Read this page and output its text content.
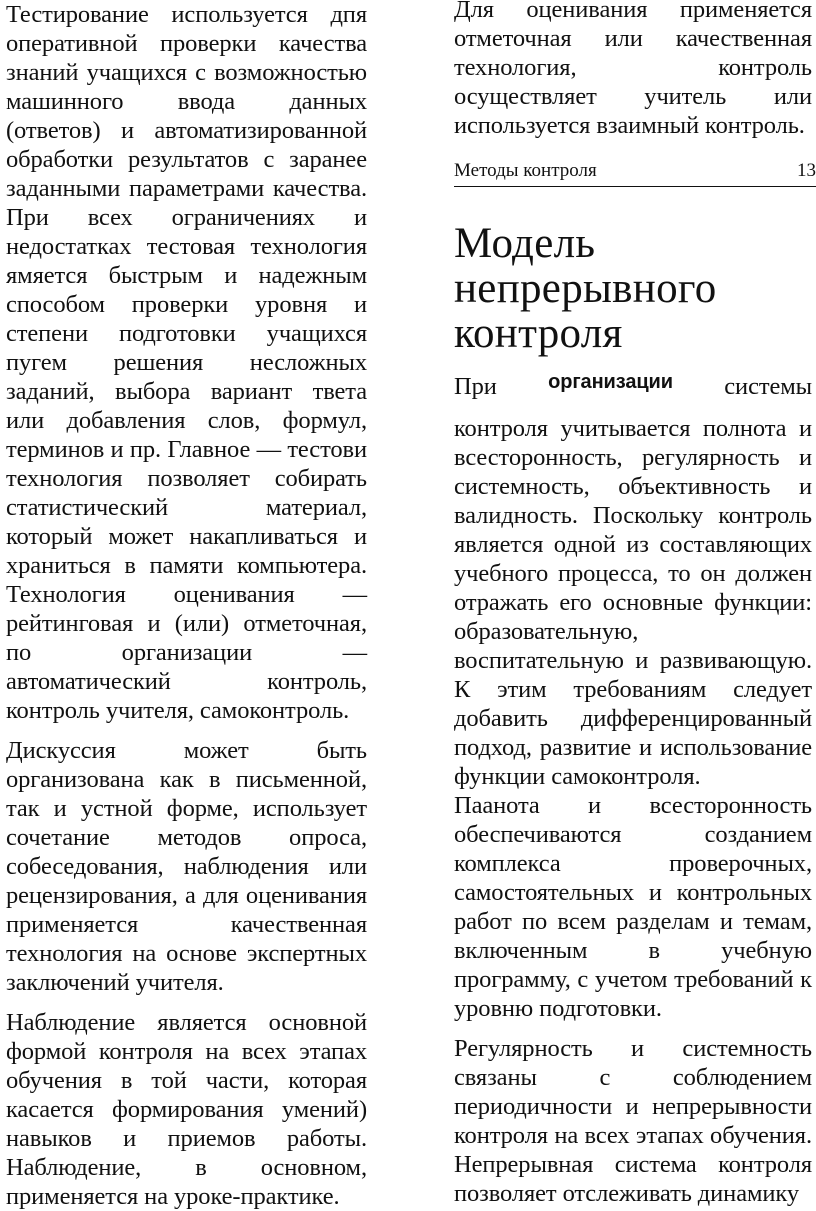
Тестирование используется дпя оперативной проверки качества знаний учащихся с возможностью машинного ввода данных (ответов) и автоматизированной обработки результатов с заранее заданными параметрами качества. При всех ограничениях и недостатках тестовая технология ямяется быстрым и надежным способом проверки уровня и степени подготовки учащихся пугем решения несложных заданий, выбора вариант твета или добавления слов, формул, терминов и пр. Главное — тестови технология позволяет собирать статистический материал, который может накапливаться и храниться в памяти компьютера. Технология оценивания — рейтинговая и (или) отметочная, по организации — автоматический контроль, контроль учителя, самоконтроль.

Дискуссия может быть организована как в письменной, так и устной форме, использует сочетание методов опроса, собеседования, наблюдения или рецензирования, а для оценивания применяется качественная технология на основе экспертных заключений учителя.

Наблюдение является основной формой контроля на всех этапах обучения в той части, которая касается формирования умений) навыков и приемов работы. Наблюдение, в основном, применяется на уроке-практике.

Для оценивания применяется отметочная или качественная технология, контроль осуществляет учитель или используется взаимный контроль.

Методы контроля	13
Модель непрерывного контроля
При	организации системы

контроля учитывается полнота и всесторонность, регулярность и системность, объективность и валидность. Поскольку контроль является одной из составляющих учебного процесса, то он должен отражать его основные функции: образовательную, воспитательную и развивающую. К этим требованиям следует добавить дифференцированный подход, развитие и использование функции самоконтроля.

Паанота и всесторонность обеспечиваются созданием комплекса проверочных, самостоятельных и контрольных работ по всем разделам и темам, включенным в учебную программу, с учетом требований к уровню подготовки.

Регулярность и системность связаны с соблюдением периодичности и непрерывности контроля на всех этапах обучения. Непрерывная система контроля позволяет отслеживать динамику
